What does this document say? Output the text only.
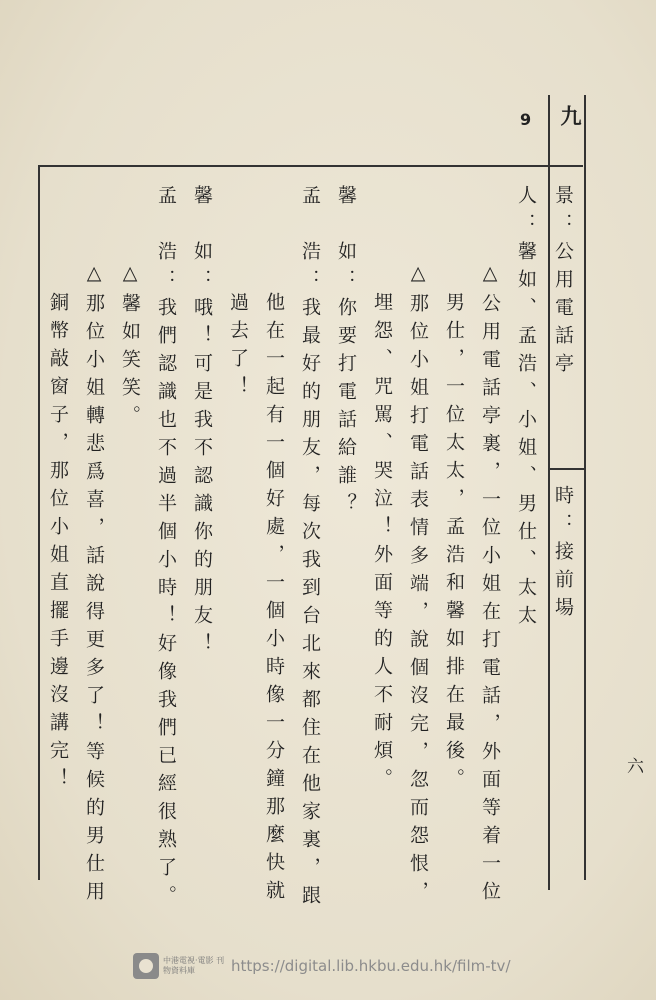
9 九
景：公用電話亭
時：接前場
人：馨如、孟浩、小姐、男仕、太太
△公用電話亭裏，一位小姐在打電話，外面等着一位
男仕，一位太太，孟浩和馨如排在最後。
△那位小姐打電話表情多端，說個沒完，忽而怨恨，
埋怨、咒駡、哭泣！外面等的人不耐煩。
馨　如：你要打電話給誰？
孟　浩：我最好的朋友，每次我到台北來都住在他家裏，跟
他在一起有一個好處，一個小時像一分鐘那麼快就
過去了！
馨　如：哦！可是我不認識你的朋友！
孟　浩：我們認識也不過半個小時！好像我們已經很熟了。
△馨如笑笑。
△那位小姐轉悲爲喜，話說得更多了！等候的男仕用
銅幣敲窗子，那位小姐直擺手邊沒講完！	六
中港電視‧電影 刊物資料庫	https://digital.lib.hkbu.edu.hk/film-tv/
